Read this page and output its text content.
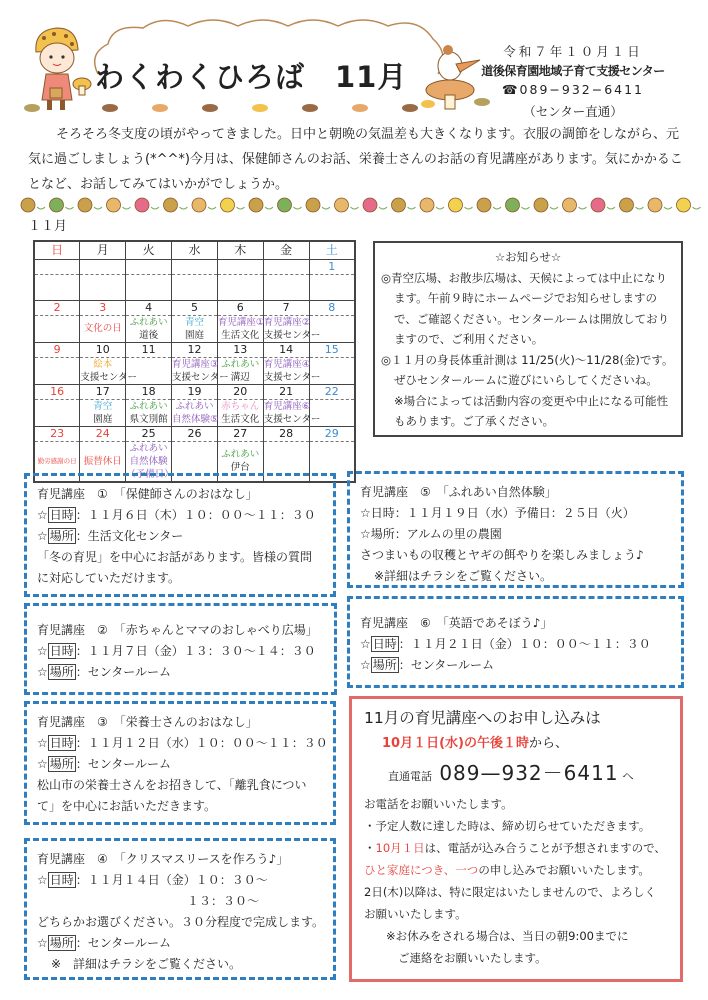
わくわくひろば　11月
令和７年１０月１日
道後保育園地域子育て支援センター
☎089−932−6411
（センター直通）
そろそろ冬支度の頃がやってきました。日中と朝晩の気温差も大きくなります。衣服の調節をしながら、元気に過ごしましょう(*^^*)今月は、保健師さんのお話、栄養士さんのお話の育児講座があります。気にかかることなど、お話してみてはいかがでしょうか。
１１月
日	月	火	水	木	金	土
						1

2	3	4	5	6	7	8

文化の日

ふれあい
道後

青空
園庭

育児講座①
生活文化

育児講座②
支援センター

9	10	11	12	13	14	15

絵本
支援センター

育児講座③
支援センター

ふれあい
溝辺

育児講座④
支援センター

16	17	18	19	20	21	22

青空
園庭

ふれあい
県文別館

ふれあい
自然体験⑤

赤ちゃん
生活文化

育児講座⑥
支援センター

23	24	25	26	27	28	29

勤労感謝の日	振替休日

ふれあい
自然体験
（予備日）

ふれあい
伊台

☆お知らせ☆
◎青空広場、お散歩広場は、天候によっては中止になります。午前９時にホームページでお知らせしますので、ご確認ください。センタールームは開放しておりますので、ご利用ください。
◎１１月の身長体重計測は 11/25(火)〜11/28(金)です。ぜひセンタールームに遊びにいらしてくださいね。
※場合によっては活動内容の変更や中止になる可能性もあります。ご了承ください。
育児講座　①　「保健師さんのおはなし」
☆ 日時 ：１１月６日（木）１０：００〜１１：３０
☆ 場所 ：生活文化センター
「冬の育児」を中心にお話があります。皆様の質問
に対応していただけます。
育児講座　⑤　「ふれあい自然体験」
☆日時：１１月１９日（水）予備日：２５日（火）
☆場所：アルムの里の農園
さつまいもの収穫とヤギの餌やりを楽しみましょう♪
※詳細はチラシをご覧ください。
育児講座　②　「赤ちゃんとママのおしゃべり広場」
☆ 日時 ：１１月７日（金）１３：３０〜１４：３０
☆ 場所 ：センタールーム
育児講座　⑥　「英語であそぼう♪」
☆ 日時 ：１１月２１日（金）１０：００〜１１：３０
☆ 場所 ：センタールーム
育児講座　③　「栄養士さんのおはなし」
☆ 日時 ：１１月１２日（水）１０：００〜１１：３０
☆ 場所 ：センタールーム
松山市の栄養士さんをお招きして、「離乳食につい
て」を中心にお話いただきます。
育児講座　④　「クリスマスリースを作ろう♪」
☆ 日時 ：１１月１４日（金）１０：３０〜
１３：３０〜
どちらかお選びください。３０分程度で完成します。
☆ 場所 ：センタールーム
※　詳細はチラシをご覧ください。
11月の育児講座へのお申し込みは
10月１日(水)の午後１時から、
直通電話 089—932－6411 へ
お電話をお願いいたします。
・予定人数に達した時は、締め切らせていただきます。
・10月１日は、電話が込み合うことが予想されますので、
ひと家庭につき、一つの申し込みでお願いいたします。
2日(木)以降は、特に限定はいたしませんので、よろしく
お願いいたします。
※お休みをされる場合は、当日の朝9:00までに
ご連絡をお願いいたします。
